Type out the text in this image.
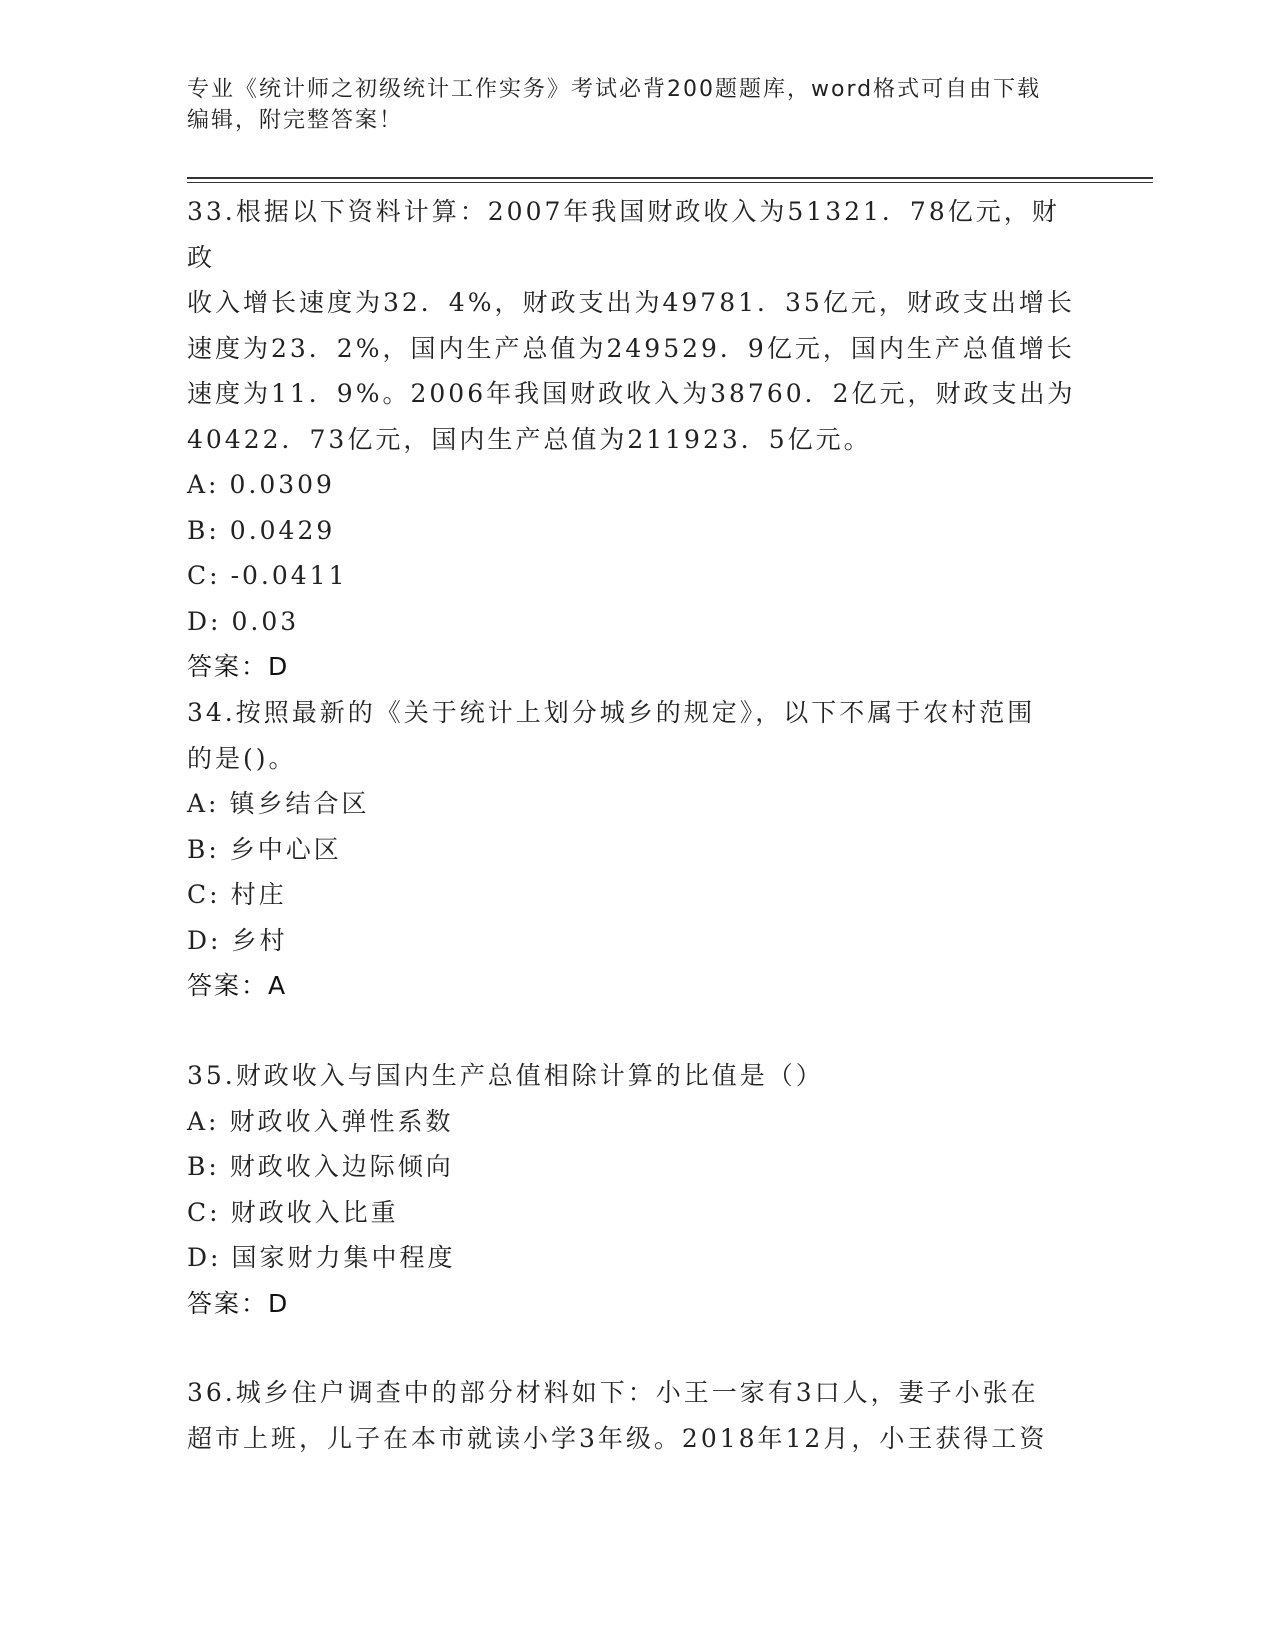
专业《统计师之初级统计工作实务》考试必背200题题库，word格式可自由下载
编辑，附完整答案！
33.根据以下资料计算：2007年我国财政收入为51321．78亿元，财政
收入增长速度为32．4%，财政支出为49781．35亿元，财政支出增长
速度为23．2%，国内生产总值为249529．9亿元，国内生产总值增长
速度为11．9%。2006年我国财政收入为38760．2亿元，财政支出为
40422．73亿元，国内生产总值为211923．5亿元。
A: 0.0309
B: 0.0429
C: -0.0411
D: 0.03
答案：D
34.按照最新的《关于统计上划分城乡的规定》，以下不属于农村范围
的是()。
A: 镇乡结合区
B: 乡中心区
C: 村庄
D: 乡村
答案：A
35.财政收入与国内生产总值相除计算的比值是（）
A: 财政收入弹性系数
B: 财政收入边际倾向
C: 财政收入比重
D: 国家财力集中程度
答案：D
36.城乡住户调查中的部分材料如下：小王一家有3口人，妻子小张在
超市上班，儿子在本市就读小学3年级。2018年12月，小王获得工资
